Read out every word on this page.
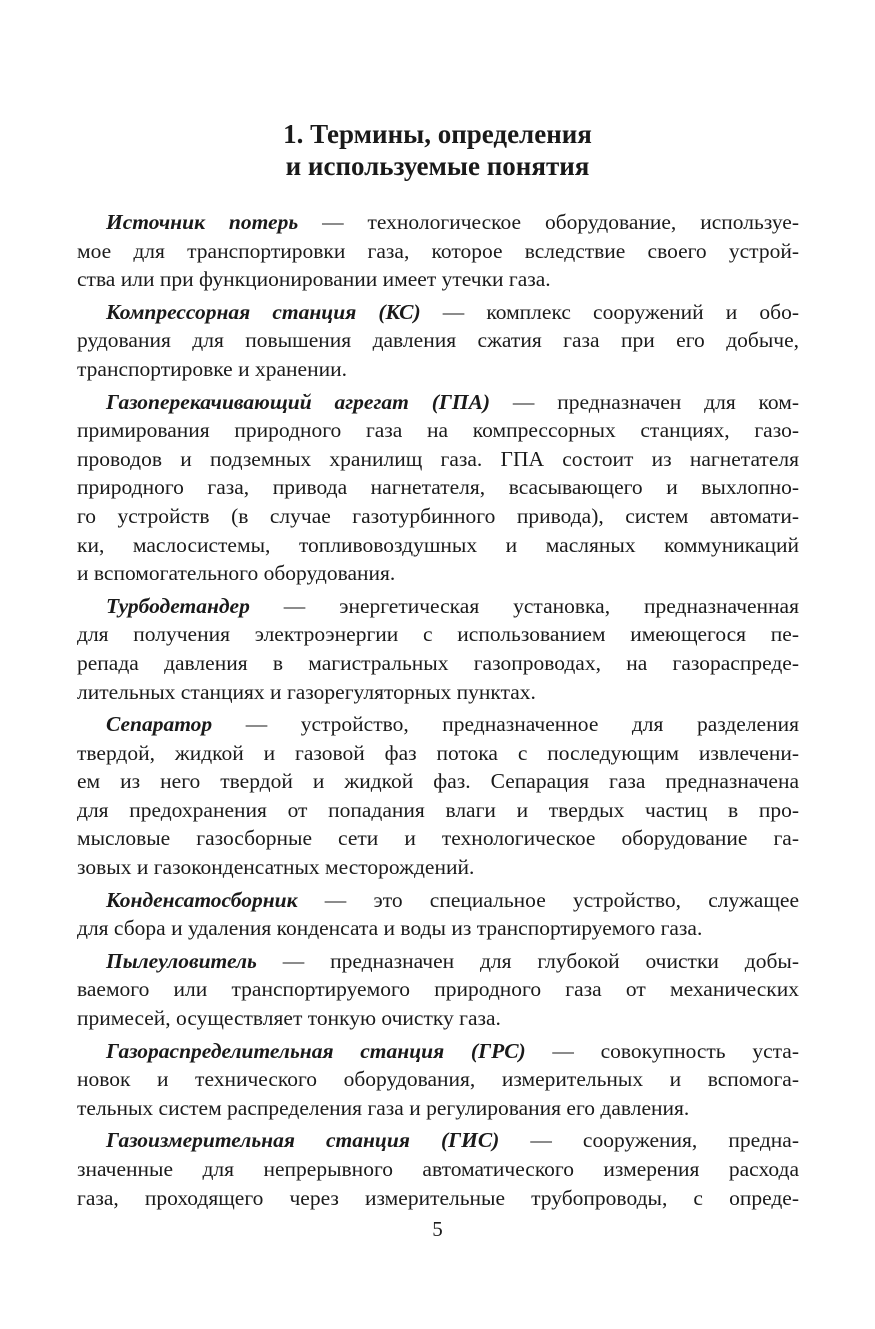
1. Термины, определения
и используемые понятия
Источник потерь — технологическое оборудование, используе-
мое для транспортировки газа, которое вследствие своего устрой-
ства или при функционировании имеет утечки газа.
Компрессорная станция (КС) — комплекс сооружений и обо-
рудования для повышения давления сжатия газа при его добыче,
транспортировке и хранении.
Газоперекачивающий агрегат (ГПА) — предназначен для ком-
примирования природного газа на компрессорных станциях, газо-
проводов и подземных хранилищ газа. ГПА состоит из нагнетателя
природного газа, привода нагнетателя, всасывающего и выхлопно-
го устройств (в случае газотурбинного привода), систем автомати-
ки, маслосистемы, топливовоздушных и масляных коммуникаций
и вспомогательного оборудования.
Турбодетандер — энергетическая установка, предназначенная
для получения электроэнергии с использованием имеющегося пе-
репада давления в магистральных газопроводах, на газораспреде-
лительных станциях и газорегуляторных пунктах.
Сепаратор — устройство, предназначенное для разделения
твердой, жидкой и газовой фаз потока с последующим извлечени-
ем из него твердой и жидкой фаз. Сепарация газа предназначена
для предохранения от попадания влаги и твердых частиц в про-
мысловые газосборные сети и технологическое оборудование га-
зовых и газоконденсатных месторождений.
Конденсатосборник — это специальное устройство, служащее
для сбора и удаления конденсата и воды из транспортируемого газа.
Пылеуловитель — предназначен для глубокой очистки добы-
ваемого или транспортируемого природного газа от механических
примесей, осуществляет тонкую очистку газа.
Газораспределительная станция (ГРС) — совокупность уста-
новок и технического оборудования, измерительных и вспомога-
тельных систем распределения газа и регулирования его давления.
Газоизмерительная станция (ГИС) — сооружения, предна-
значенные для непрерывного автоматического измерения расхода
газа, проходящего через измерительные трубопроводы, с опреде-
5
